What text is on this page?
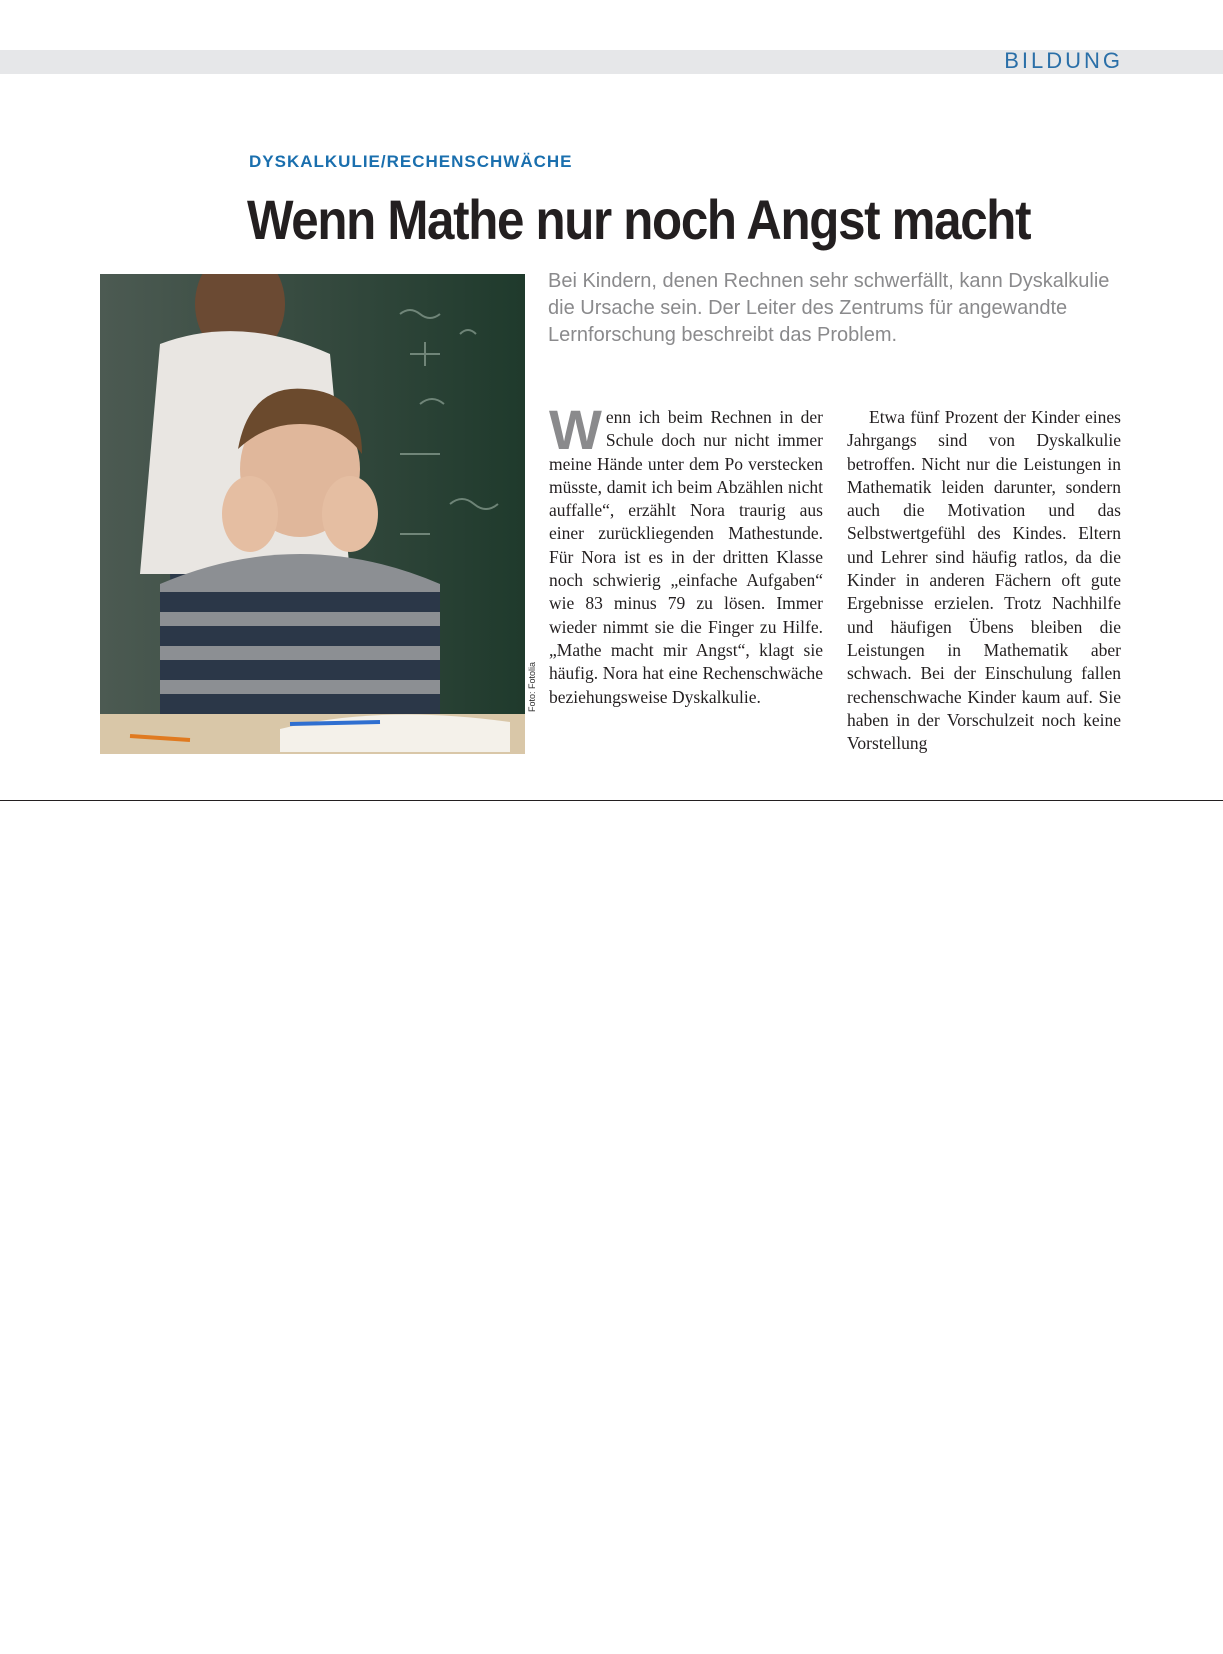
BILDUNG
DYSKALKULIE/RECHENSCHWÄCHE
Wenn Mathe nur noch Angst macht
Foto: Fotolia
Bei Kindern, denen Rechnen sehr schwerfällt, kann Dyskalkulie die Ursache sein. Der Leiter des Zentrums für angewandte Lernforschung beschreibt das Problem.
W enn ich beim Rechnen in der Schule doch nur nicht immer meine Hände unter dem Po verstecken müsste, damit ich beim Abzählen nicht auffalle“, erzählt Nora traurig aus einer zurückliegenden Mathestunde. Für Nora ist es in der dritten Klasse noch schwierig „einfache Aufgaben“ wie 83 minus 79 zu lösen. Immer wieder nimmt sie die Finger zu Hilfe. „Mathe macht mir Angst“, klagt sie häufig. Nora hat eine Rechenschwäche beziehungsweise Dyskalkulie.

Etwa fünf Prozent der Kinder eines Jahrgangs sind von Dyskalkulie betroffen. Nicht nur die Leistungen in Mathematik leiden darunter, sondern auch die Motivation und das Selbstwertgefühl des Kindes. Eltern und Lehrer sind häufig ratlos, da die Kinder in anderen Fächern oft gute Ergebnisse erzielen. Trotz Nachhilfe und häufigen Übens bleiben die Leistungen in Mathematik aber schwach. Bei der Einschulung fallen rechenschwache Kinder kaum auf. Sie haben in der Vorschulzeit noch keine Vorstellung
